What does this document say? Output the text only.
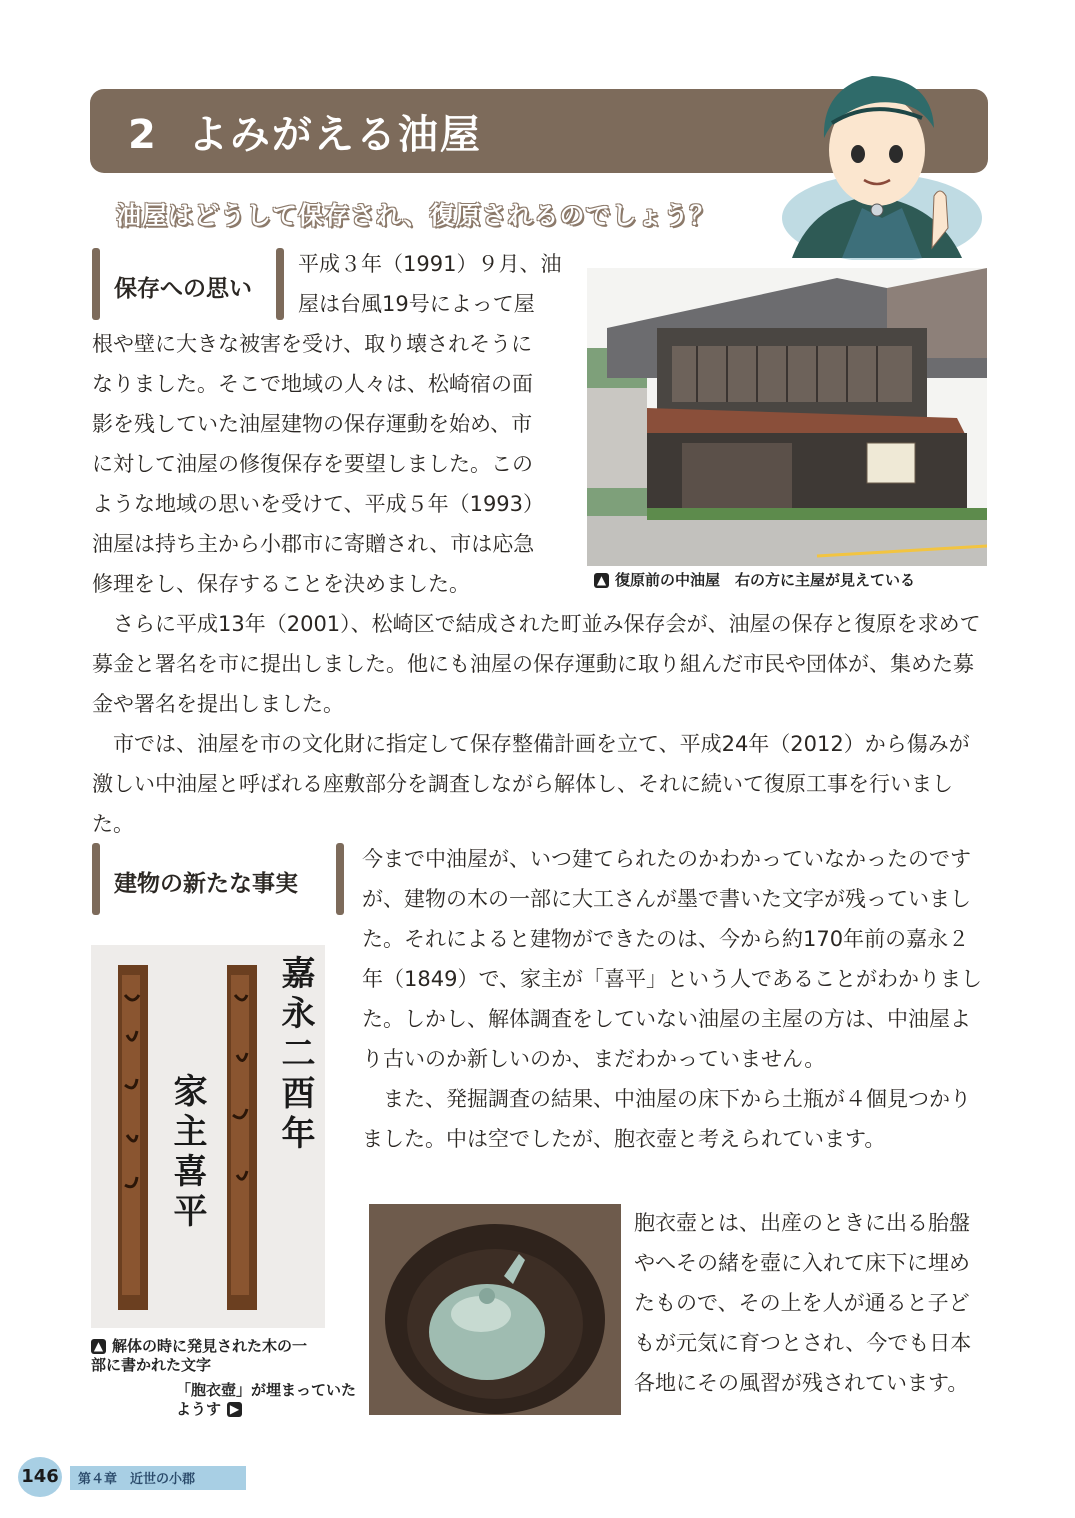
2 よみがえる油屋
油屋はどうして保存され、復原されるのでしょう？
保存への思い

平成３年（1991）９月、油

屋は台風19号によって屋

根や壁に大きな被害を受け、取り壊されそうに

なりました。そこで地域の人々は、松崎宿の面

影を残していた油屋建物の保存運動を始め、市

に対して油屋の修復保存を要望しました。この

ような地域の思いを受けて、平成５年（1993）

油屋は持ち主から小郡市に寄贈され、市は応急

修理をし、保存することを決めました。	▲ 復原前の中油屋　右の方に主屋が見えている

さらに平成13年（2001）、松崎区で結成された町並み保存会が、油屋の保存と復原を求めて募金と署名を市に提出しました。他にも油屋の保存運動に取り組んだ市民や団体が、集めた募金や署名を提出しました。

市では、油屋を市の文化財に指定して保存整備計画を立て、平成24年（2012）から傷みが激しい中油屋と呼ばれる座敷部分を調査しながら解体し、それに続いて復原工事を行いました。

建物の新たな事実

今まで中油屋が、いつ建てられたのかわかっていなかったのですが、建物の木の一部に大工さんが墨で書いた文字が残っていました。それによると建物ができたのは、今から約170年前の嘉永２年（1849）で、家主が「喜平」という人であることがわかりました。しかし、解体調査をしていない油屋の主屋の方は、中油屋より古いのか新しいのか、まだわかっていません。

また、発掘調査の結果、中油屋の床下から土瓶が４個見つかりました。中は空でしたが、胞衣壺と考えられています。

家主喜平 嘉永二酉年
▲ 解体の時に発見された木の一部に書かれた文字
「胞衣壺」が埋まっていたようす ▶

胞衣壺とは、出産のときに出る胎盤やへその緒を壺に入れて床下に埋めたもので、その上を人が通ると子どもが元気に育つとされ、今でも日本各地にその風習が残されています。

第４章　近世の小郡
146
